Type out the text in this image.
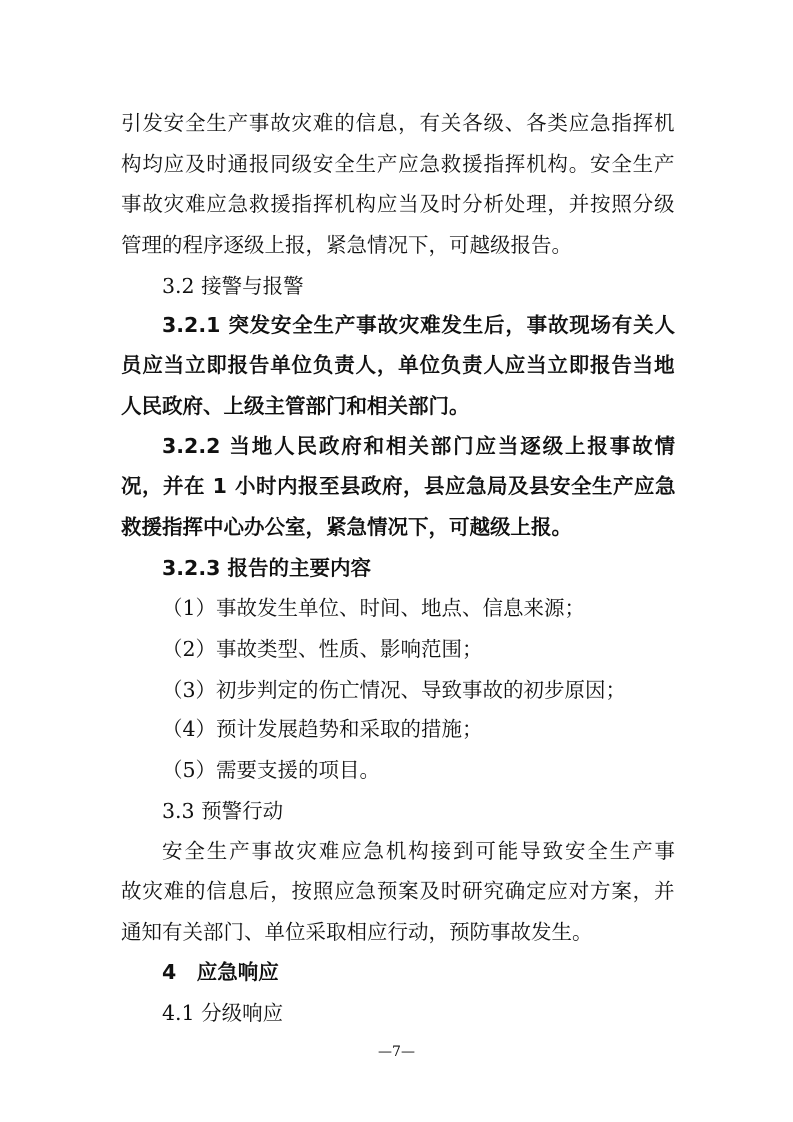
引发安全生产事故灾难的信息，有关各级、各类应急指挥机
构均应及时通报同级安全生产应急救援指挥机构。安全生产
事故灾难应急救援指挥机构应当及时分析处理，并按照分级
管理的程序逐级上报，紧急情况下，可越级报告。
3.2 接警与报警
3.2.1 突发安全生产事故灾难发生后，事故现场有关人
员应当立即报告单位负责人，单位负责人应当立即报告当地
人民政府、上级主管部门和相关部门。
3.2.2 当地人民政府和相关部门应当逐级上报事故情
况，并在 1 小时内报至县政府，县应急局及县安全生产应急
救援指挥中心办公室，紧急情况下，可越级上报。
3.2.3 报告的主要内容
（1）事故发生单位、时间、地点、信息来源；
（2）事故类型、性质、影响范围；
（3）初步判定的伤亡情况、导致事故的初步原因；
（4）预计发展趋势和采取的措施；
（5）需要支援的项目。
3.3 预警行动
安全生产事故灾难应急机构接到可能导致安全生产事
故灾难的信息后，按照应急预案及时研究确定应对方案，并
通知有关部门、单位采取相应行动，预防事故发生。
4　应急响应
4.1 分级响应
—7—
